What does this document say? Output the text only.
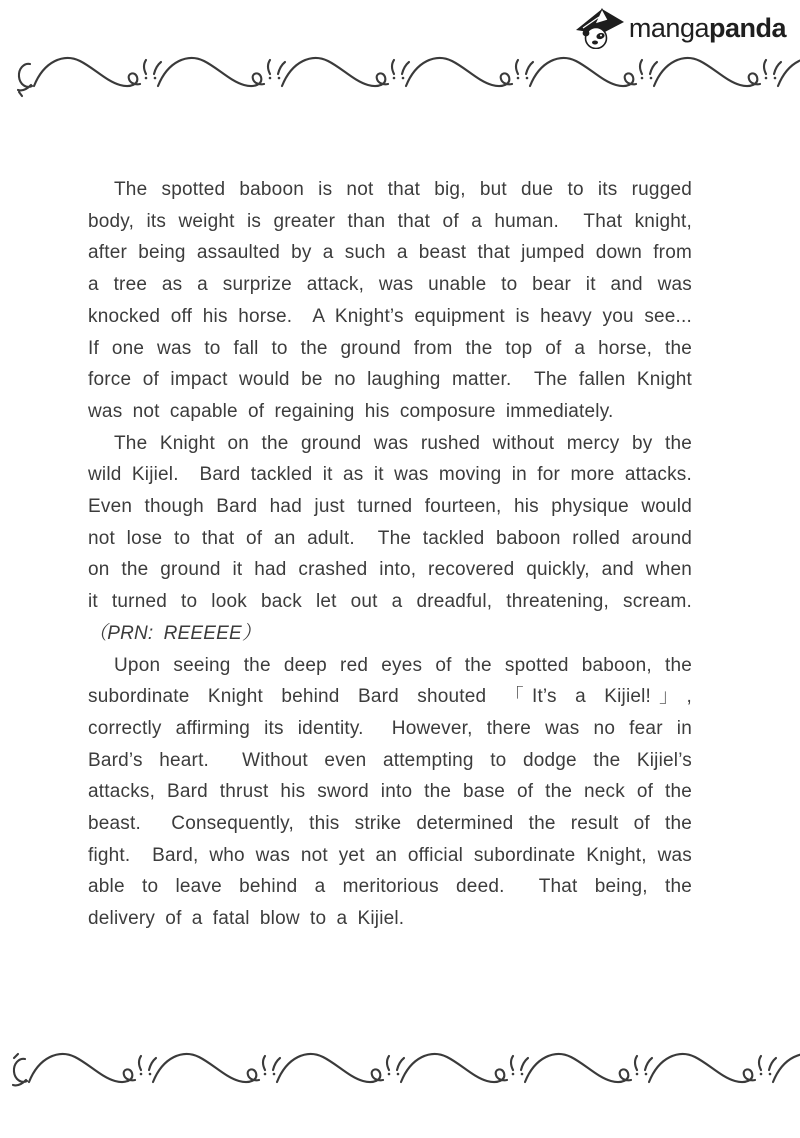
mangapanda

The spotted baboon is not that big, but due to its rugged body, its weight is greater than that of a human.  That knight, after being assaulted by a such a beast that jumped down from a tree as a surprize attack, was unable to bear it and was knocked off his horse.  A Knight’s equipment is heavy you see...  If one was to fall to the ground from the top of a horse, the force of impact would be no laughing matter.  The fallen Knight was not capable of regaining his composure immediately.

The Knight on the ground was rushed without mercy by the wild Kijiel.  Bard tackled it as it was moving in for more attacks.  Even though Bard had just turned fourteen, his physique would not lose to that of an adult.  The tackled baboon rolled around on the ground it had crashed into, recovered quickly, and when it turned to look back let out a dreadful, threatening, scream. （PRN: REEEEE）

Upon seeing the deep red eyes of the spotted baboon, the subordinate Knight behind Bard shouted 「It’s a Kijiel!」, correctly affirming its identity.  However, there was no fear in Bard’s heart.  Without even attempting to dodge the Kijiel’s attacks, Bard thrust his sword into the base of the neck of the beast.  Consequently, this strike determined the result of the fight.  Bard, who was not yet an official subordinate Knight, was able to leave behind a meritorious deed.  That being, the delivery of a fatal blow to a Kijiel.
